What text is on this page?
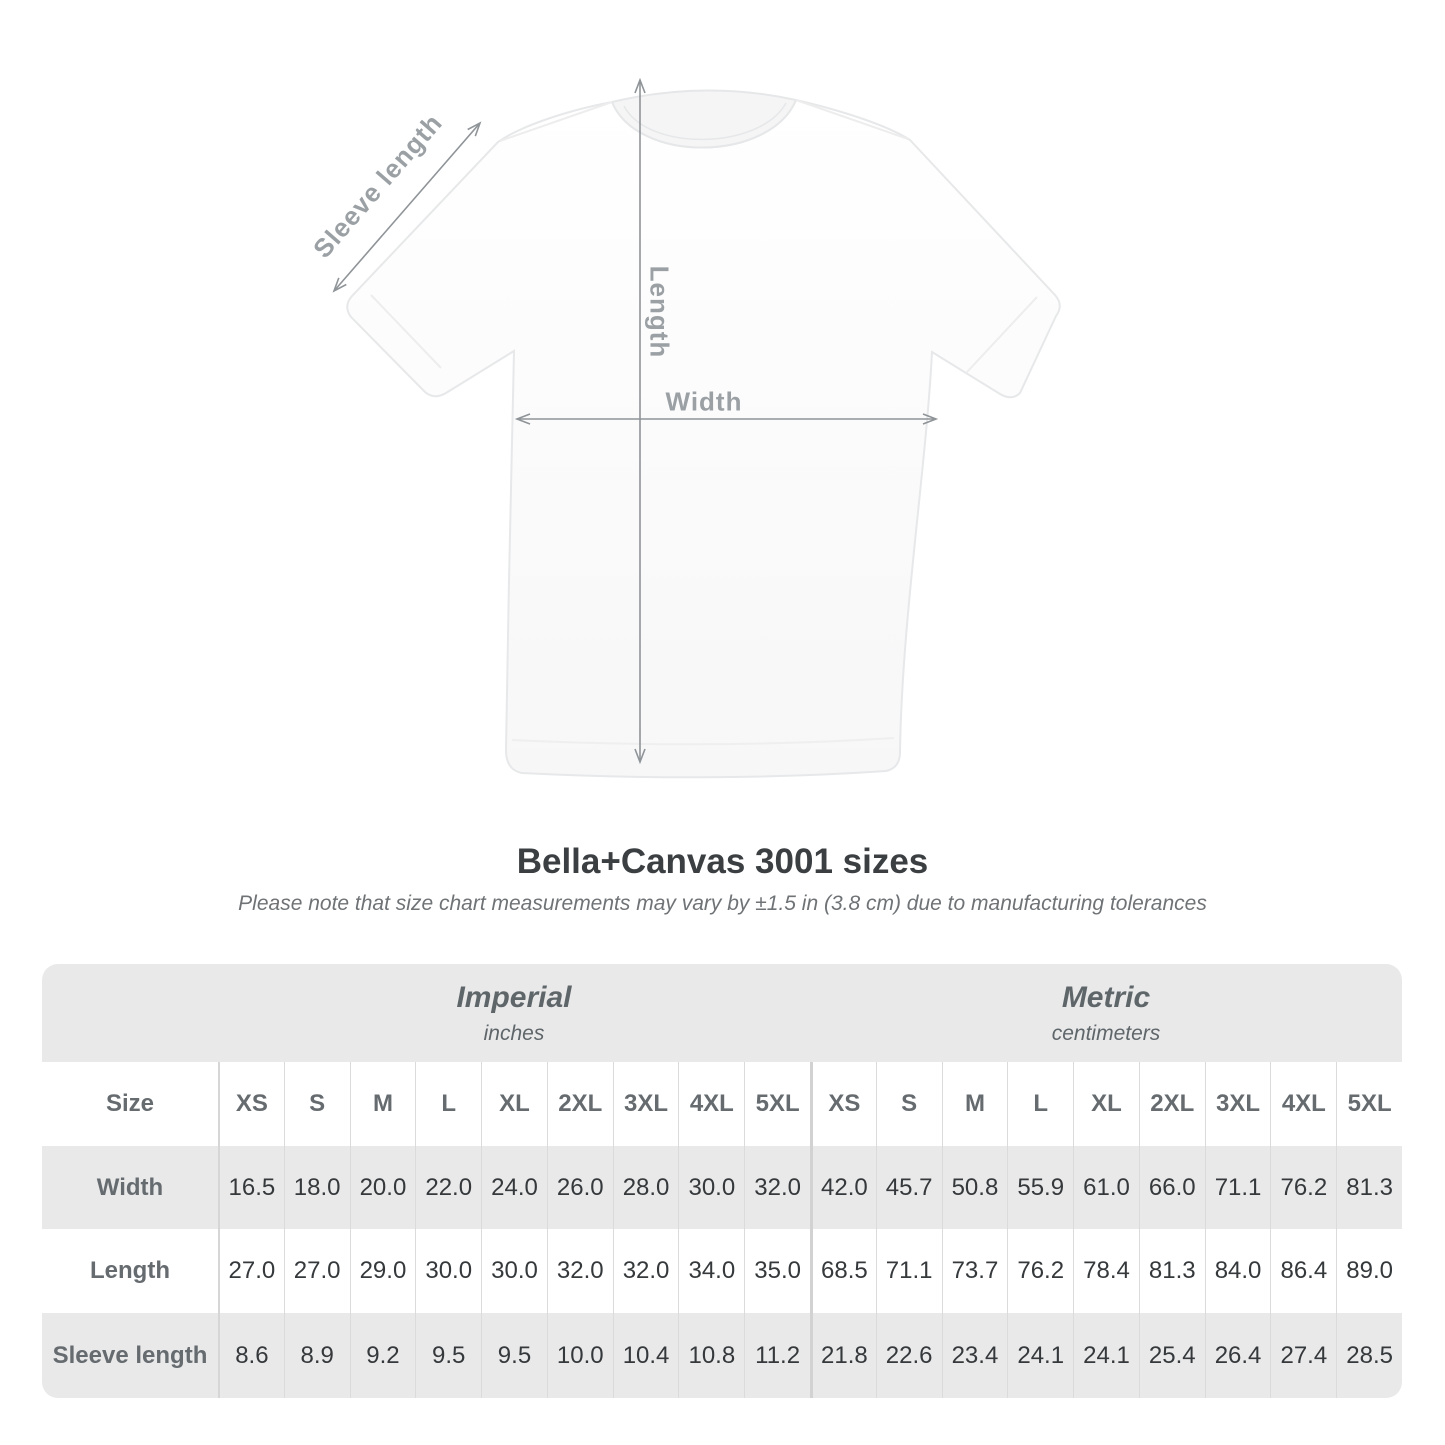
Sleeve length
Length
Width
Bella+Canvas 3001 sizes
Please note that size chart measurements may vary by ±1.5 in (3.8 cm) due to manufacturing tolerances
Imperial
inches
Metric
centimeters
Size	XS	S	M	L	XL	2XL 3XL 4XL 5XL	XS	S	M	L	XL	2XL 3XL 4XL 5XL
Width	16.5 18.0 20.0 22.0 24.0 26.0 28.0 30.0 32.0 42.0 45.7 50.8 55.9 61.0 66.0 71.1 76.2 81.3
Length	27.0 27.0 29.0 30.0 30.0 32.0 32.0 34.0 35.0 68.5 71.1 73.7 76.2 78.4 81.3 84.0 86.4 89.0
Sleeve length	8.6	8.9	9.2	9.5	9.5	10.0 10.4 10.8 11.2 21.8 22.6 23.4 24.1 24.1 25.4 26.4 27.4 28.5
